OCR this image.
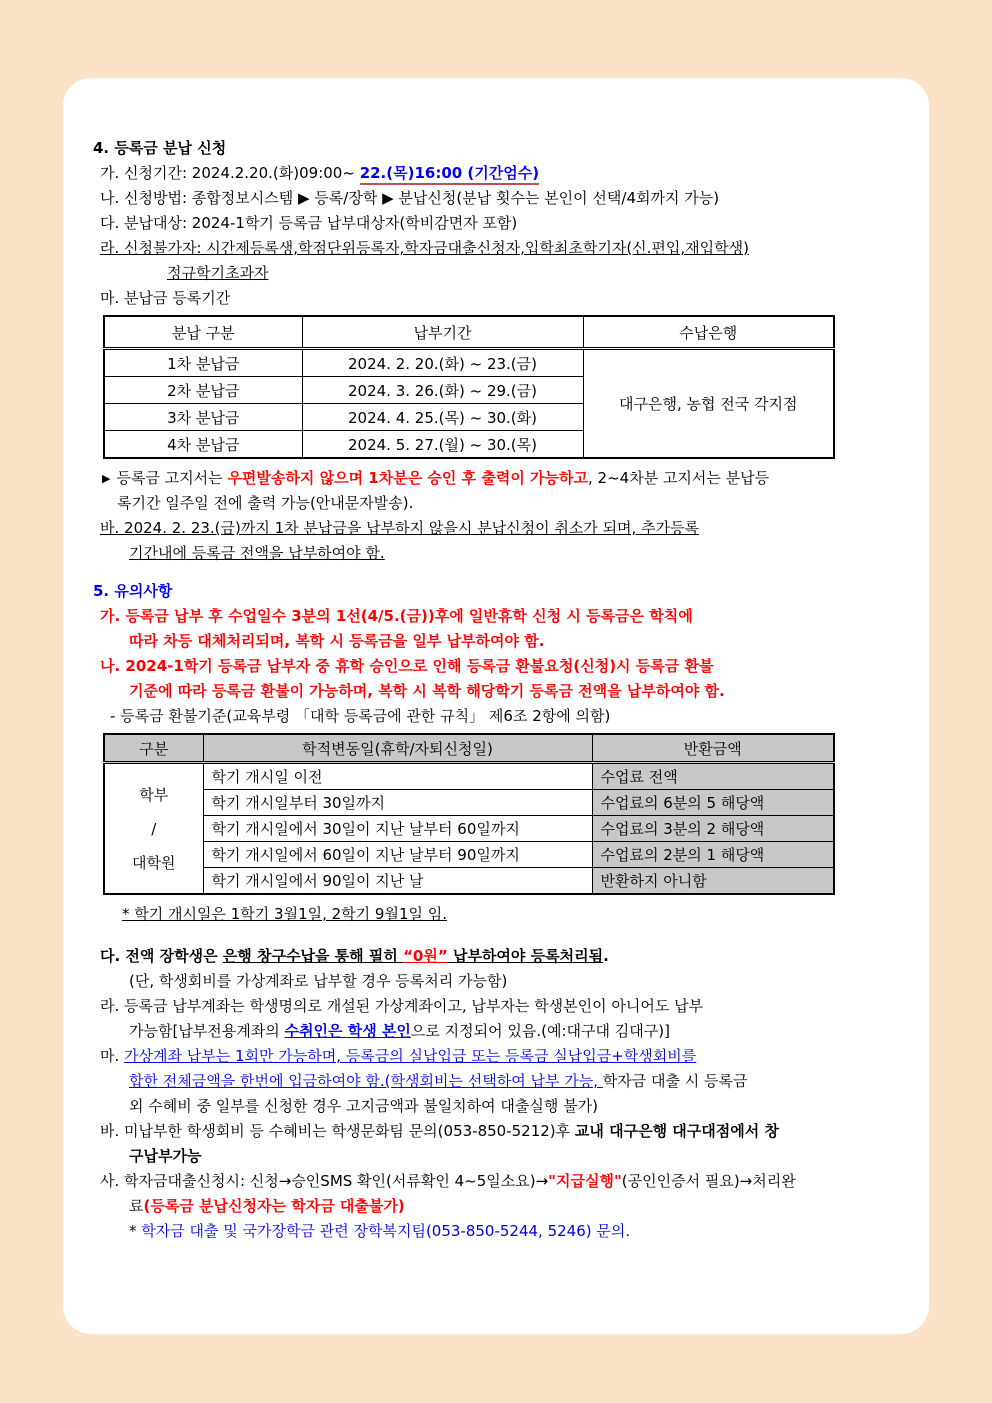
4. 등록금 분납 신청
가. 신청기간: 2024.2.20.(화)09:00~ 22.(목)16:00 (기간엄수)
나. 신청방법: 종합정보시스템 ▶ 등록/장학 ▶ 분납신청(분납 횟수는 본인이 선택/4회까지 가능)
다. 분납대상: 2024-1학기 등록금 납부대상자(학비감면자 포함)
라. 신청불가자: 시간제등록생,학점단위등록자,학자금대출신청자,입학최초학기자(신.편입,재입학생)
정규학기초과자
마. 분납금 등록기간
분납 구분	납부기간	수납은행
1차 분납금	2024. 2. 20.(화) ~ 23.(금)	대구은행, 농협 전국 각지점
2차 분납금	2024. 3. 26.(화) ~ 29.(금)	
3차 분납금	2024. 4. 25.(목) ~ 30.(화)	
4차 분납금	2024. 5. 27.(월) ~ 30.(목)	
▶ 등록금 고지서는 우편발송하지 않으며 1차분은 승인 후 출력이 가능하고, 2~4차분 고지서는 분납등
록기간 일주일 전에 출력 가능(안내문자발송).
바. 2024. 2. 23.(금)까지 1차 분납금을 납부하지 않을시 분납신청이 취소가 되며, 추가등록
기간내에 등록금 전액을 납부하여야 함.
5. 유의사항
가. 등록금 납부 후 수업일수 3분의 1선(4/5.(금))후에 일반휴학 신청 시 등록금은 학칙에
따라 차등 대체처리되며, 복학 시 등록금을 일부 납부하여야 함.
나. 2024-1학기 등록금 납부자 중 휴학 승인으로 인해 등록금 환불요청(신청)시 등록금 환불
기준에 따라 등록금 환불이 가능하며, 복학 시 복학 해당학기 등록금 전액을 납부하여야 함.
- 등록금 환불기준(교육부령 「대학 등록금에 관한 규칙」 제6조 2항에 의함)
구분	학적변동일(휴학/자퇴신청일)	반환금액

학부
/
대학원	학기 개시일 이전	수업료 전액
	학기 개시일부터 30일까지	수업료의 6분의 5 해당액
	학기 개시일에서 30일이 지난 날부터 60일까지	수업료의 3분의 2 해당액
	학기 개시일에서 60일이 지난 날부터 90일까지	수업료의 2분의 1 해당액
	학기 개시일에서 90일이 지난 날	반환하지 아니함
* 학기 개시일은 1학기 3월1일, 2학기 9월1일 임.
다. 전액 장학생은 은행 창구수납을 통해 필히 “0원” 납부하여야 등록처리됨.
(단, 학생회비를 가상계좌로 납부할 경우 등록처리 가능함)
라. 등록금 납부계좌는 학생명의로 개설된 가상계좌이고, 납부자는 학생본인이 아니어도 납부
가능함[납부전용계좌의 수취인은 학생 본인으로 지정되어 있음.(예:대구대 김대구)]
마. 가상계좌 납부는 1회만 가능하며, 등록금의 실납입금 또는 등록금 실납입금+학생회비를
합한 전체금액을 한번에 입금하여야 함.(학생회비는 선택하여 납부 가능, 학자금 대출 시 등록금
외 수혜비 중 일부를 신청한 경우 고지금액과 불일치하여 대출실행 불가)
바. 미납부한 학생회비 등 수혜비는 학생문화팀 문의(053-850-5212)후 교내 대구은행 대구대점에서 창
구납부가능
사. 학자금대출신청시: 신청→승인SMS 확인(서류확인 4~5일소요)→"지급실행"(공인인증서 필요)→처리완
료(등록금 분납신청자는 학자금 대출불가)
* 학자금 대출 및 국가장학금 관련 장학복지팀(053-850-5244, 5246) 문의.
